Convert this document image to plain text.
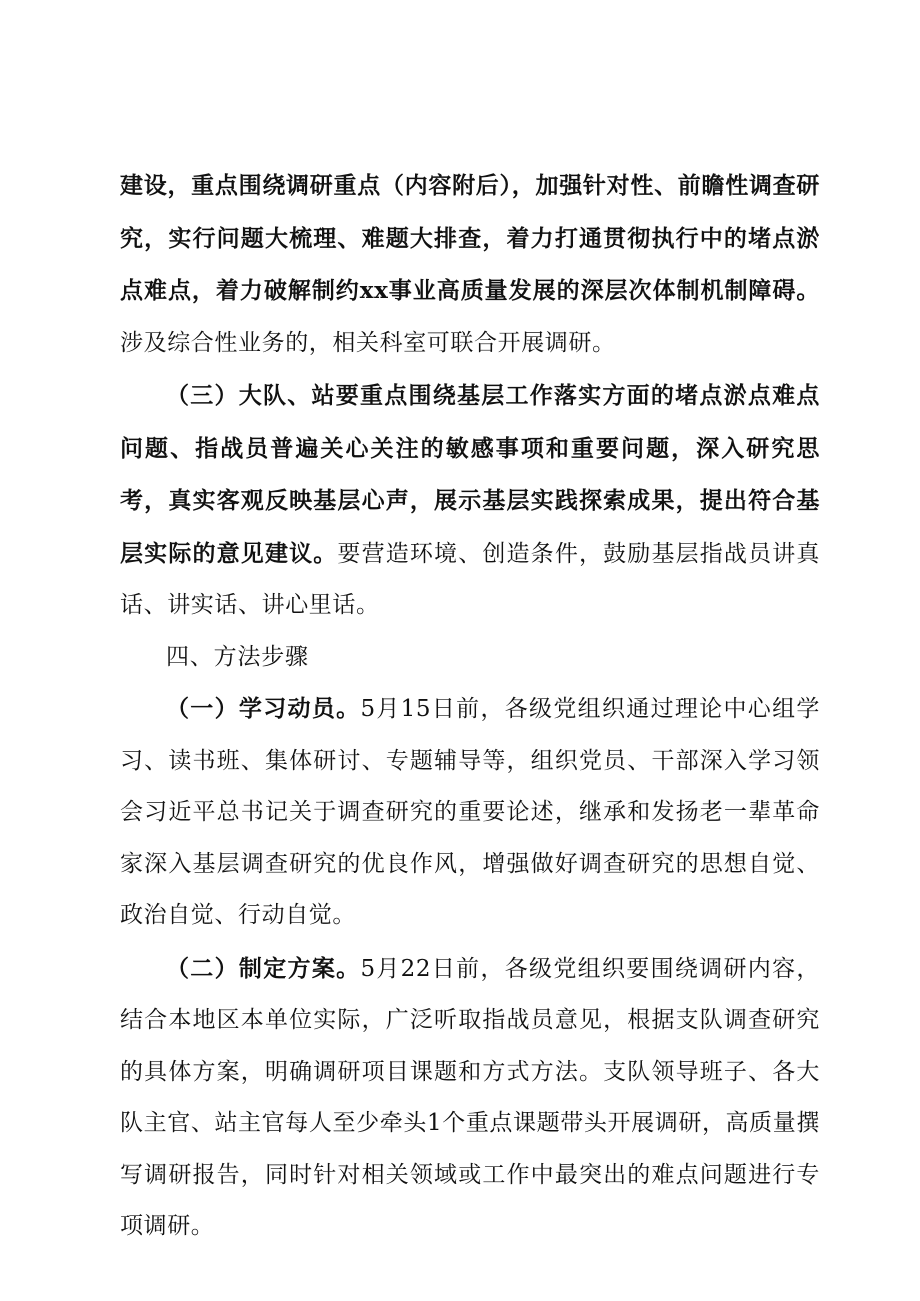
建设，重点围绕调研重点（内容附后），加强针对性、前瞻性调查研究，实行问题大梳理、难题大排查，着力打通贯彻执行中的堵点淤点难点，着力破解制约xx事业高质量发展的深层次体制机制障碍。涉及综合性业务的，相关科室可联合开展调研。

（三）大队、站要重点围绕基层工作落实方面的堵点淤点难点问题、指战员普遍关心关注的敏感事项和重要问题，深入研究思考，真实客观反映基层心声，展示基层实践探索成果，提出符合基层实际的意见建议。要营造环境、创造条件，鼓励基层指战员讲真话、讲实话、讲心里话。

四、方法步骤

（一）学习动员。5月15日前，各级党组织通过理论中心组学习、读书班、集体研讨、专题辅导等，组织党员、干部深入学习领会习近平总书记关于调查研究的重要论述，继承和发扬老一辈革命家深入基层调查研究的优良作风，增强做好调查研究的思想自觉、政治自觉、行动自觉。

（二）制定方案。5月22日前，各级党组织要围绕调研内容，结合本地区本单位实际，广泛听取指战员意见，根据支队调查研究的具体方案，明确调研项目课题和方式方法。支队领导班子、各大队主官、站主官每人至少牵头1个重点课题带头开展调研，高质量撰写调研报告，同时针对相关领域或工作中最突出的难点问题进行专项调研。
